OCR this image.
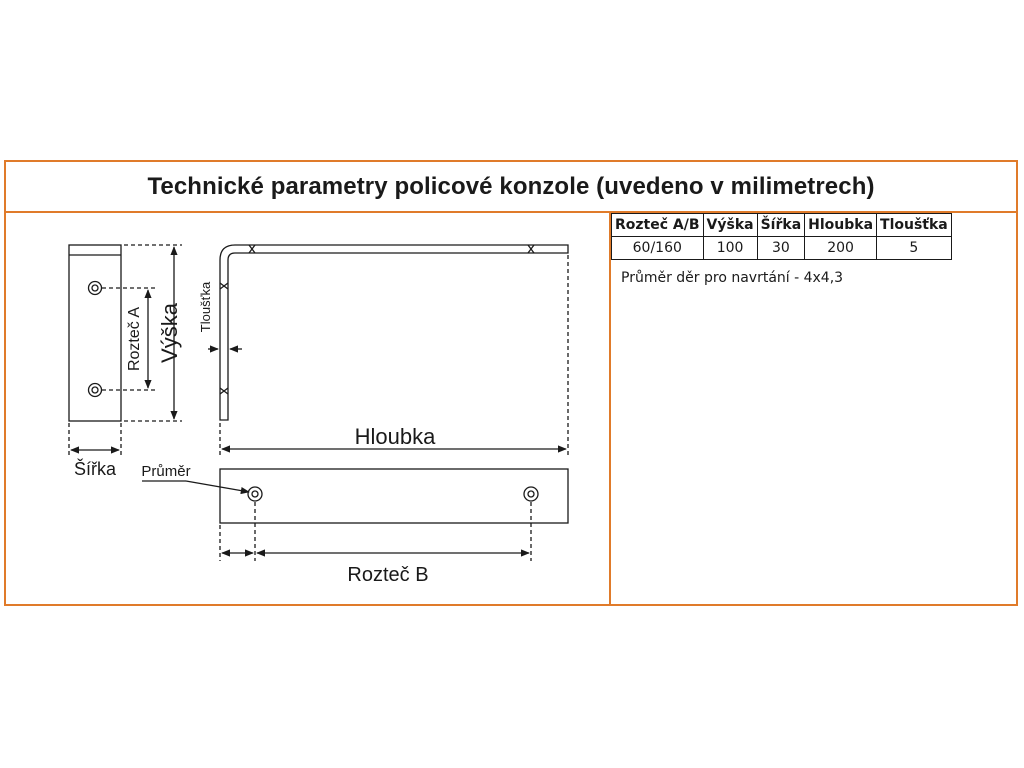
Technické parametry policové konzole (uvedeno v milimetrech)
Rozteč A Výška
Šířka
Tloušťka
Hloubka
Průměr
Rozteč B
Rozteč A/B	Výška	Šířka	Hloubka	Tloušťka
60/160	100	30	200	5
Průměr děr pro navrtání - 4x4,3
